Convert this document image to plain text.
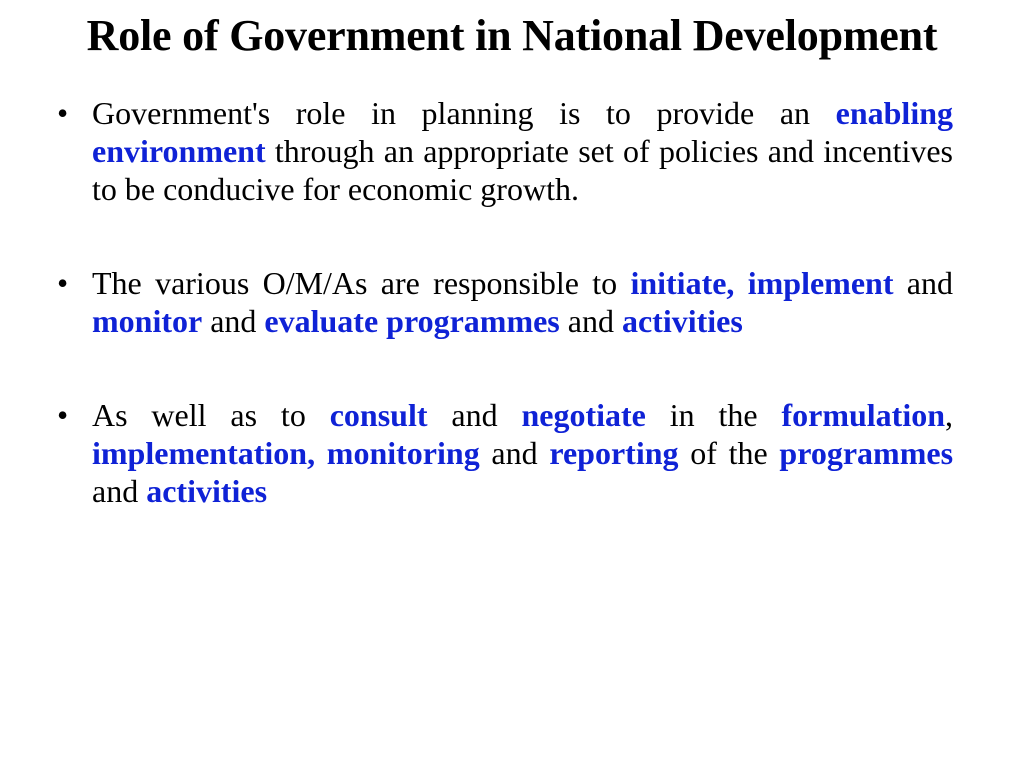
Role of Government in National Development
• Government's role in planning is to provide an enabling environment through an appropriate set of policies and incentives to be conducive for economic growth.
• The various O/M/As are responsible to initiate, implement and monitor and evaluate programmes and activities
• As well as to consult and negotiate in the formulation, implementation, monitoring and reporting of the programmes and activities
